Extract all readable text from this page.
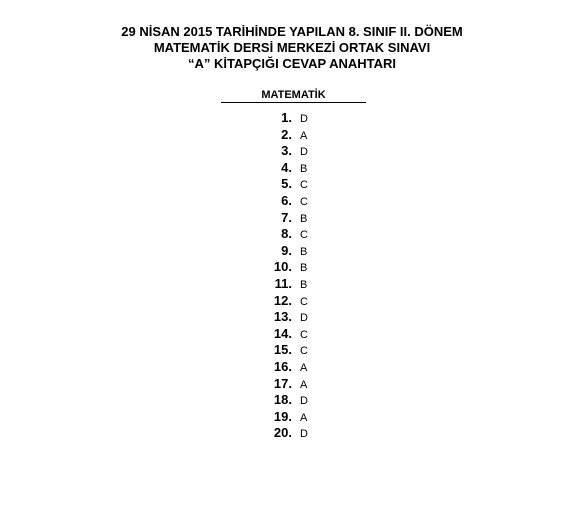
29 NİSAN 2015 TARİHİNDE YAPILAN 8. SINIF II. DÖNEM
MATEMATİK DERSİ MERKEZİ ORTAK SINAVI
“A” KİTAPÇIĞI CEVAP ANAHTARI
MATEMATİK
1. D
2. A
3. D
4. B
5. C
6. C
7. B
8. C
9. B
10. B
11. B
12. C
13. D
14. C
15. C
16. A
17. A
18. D
19. A
20. D
